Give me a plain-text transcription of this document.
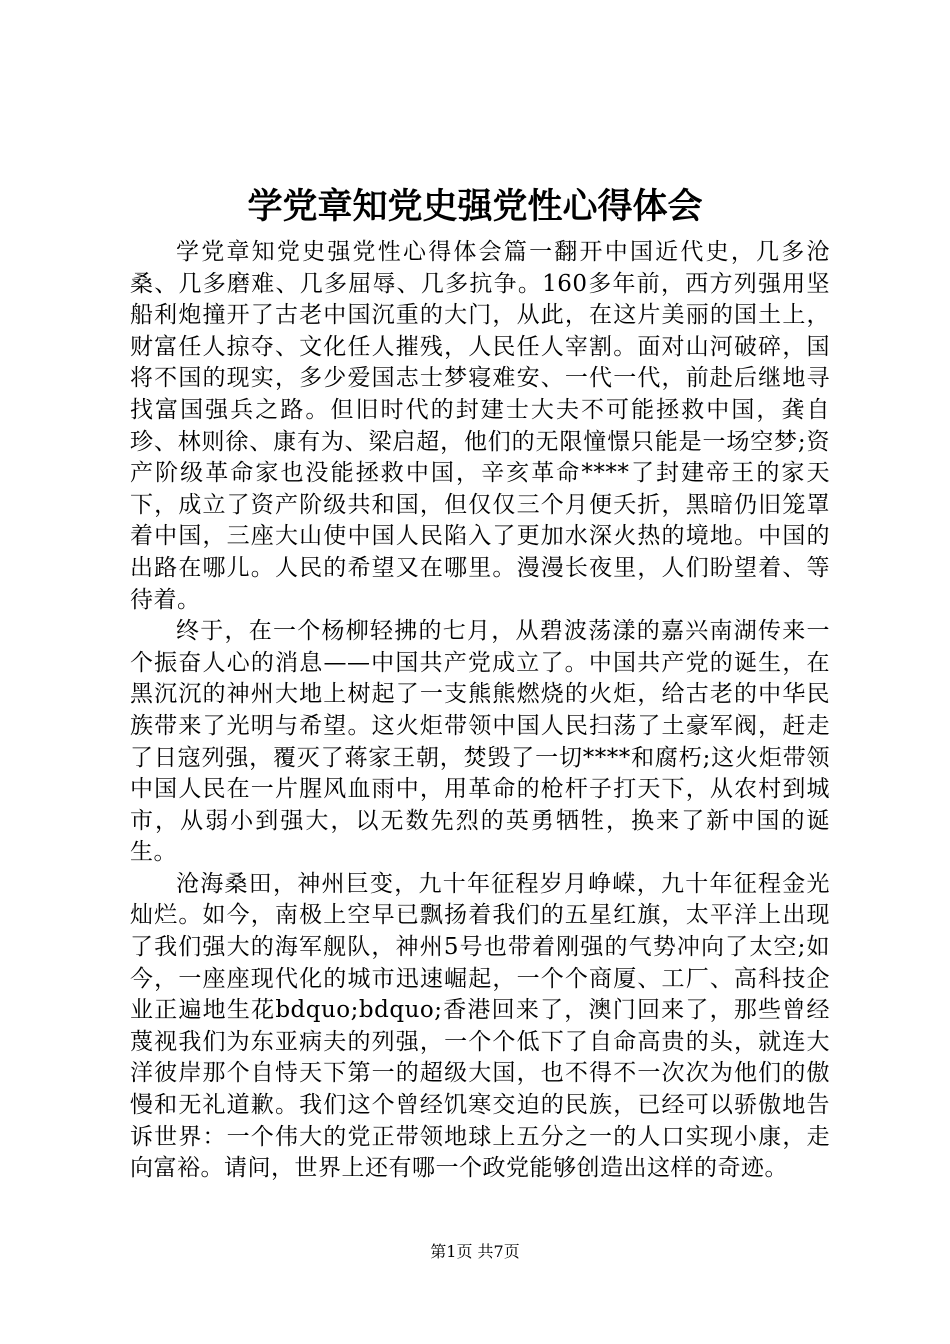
学党章知党史强党性心得体会

学党章知党史强党性心得体会篇一翻开中国近代史，几多沧桑、几多磨难、几多屈辱、几多抗争。160多年前，西方列强用坚船利炮撞开了古老中国沉重的大门，从此，在这片美丽的国土上，财富任人掠夺、文化任人摧残，人民任人宰割。面对山河破碎，国将不国的现实，多少爱国志士梦寝难安、一代一代，前赴后继地寻找富国强兵之路。但旧时代的封建士大夫不可能拯救中国，龚自珍、林则徐、康有为、梁启超，他们的无限憧憬只能是一场空梦;资产阶级革命家也没能拯救中国，辛亥革命****了封建帝王的家天下，成立了资产阶级共和国，但仅仅三个月便夭折，黑暗仍旧笼罩着中国，三座大山使中国人民陷入了更加水深火热的境地。中国的出路在哪儿。人民的希望又在哪里。漫漫长夜里，人们盼望着、等待着。

终于，在一个杨柳轻拂的七月，从碧波荡漾的嘉兴南湖传来一个振奋人心的消息——中国共产党成立了。中国共产党的诞生，在黑沉沉的神州大地上树起了一支熊熊燃烧的火炬，给古老的中华民族带来了光明与希望。这火炬带领中国人民扫荡了土豪军阀，赶走了日寇列强，覆灭了蒋家王朝，焚毁了一切****和腐朽;这火炬带领中国人民在一片腥风血雨中，用革命的枪杆子打天下，从农村到城市，从弱小到强大，以无数先烈的英勇牺牲，换来了新中国的诞生。

沧海桑田，神州巨变，九十年征程岁月峥嵘，九十年征程金光灿烂。如今，南极上空早已飘扬着我们的五星红旗，太平洋上出现了我们强大的海军舰队，神州5号也带着刚强的气势冲向了太空;如今，一座座现代化的城市迅速崛起，一个个商厦、工厂、高科技企业正遍地生花bdquo;bdquo;香港回来了，澳门回来了，那些曾经蔑视我们为东亚病夫的列强，一个个低下了自命高贵的头，就连大洋彼岸那个自恃天下第一的超级大国，也不得不一次次为他们的傲慢和无礼道歉。我们这个曾经饥寒交迫的民族，已经可以骄傲地告诉世界：一个伟大的党正带领地球上五分之一的人口实现小康，走向富裕。请问，世界上还有哪一个政党能够创造出这样的奇迹。

第1页 共7页
